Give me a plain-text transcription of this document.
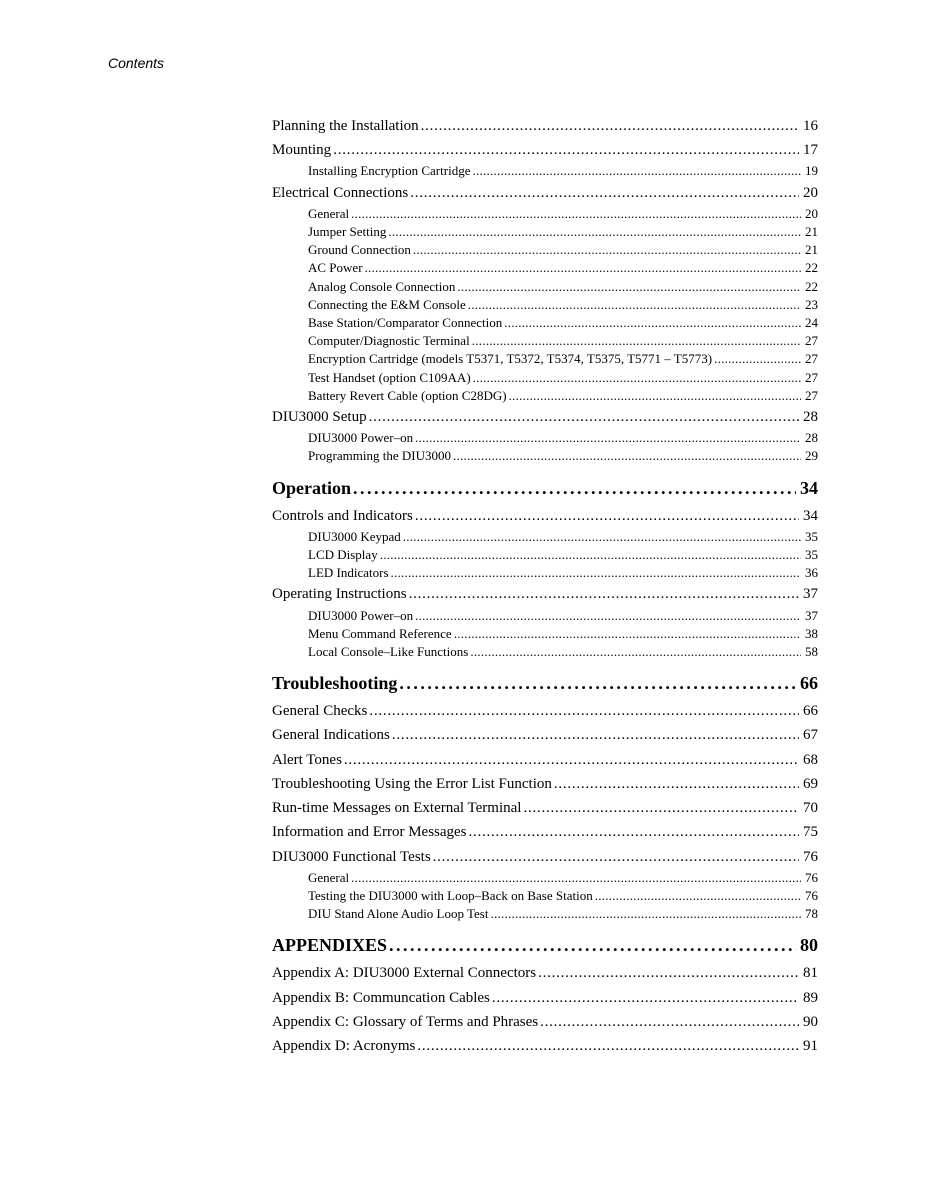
Contents
Planning the Installation . . .	16
Mounting . . .	17
Installing Encryption Cartridge . . .	19
Electrical Connections . . .	20
General . . .	20
Jumper Setting . . .	21
Ground Connection . . .	21
AC Power . . .	22
Analog Console Connection . . .	22
Connecting the E&M Console . . .	23
Base Station/Comparator Connection . . .	24
Computer/Diagnostic Terminal . . .	27
Encryption Cartridge (models T5371, T5372, T5374, T5375, T5771 – T5773) . . .	27
Test Handset (option C109AA) . . .	27
Battery Revert Cable (option C28DG) . . .	27
DIU3000 Setup . . .	28
DIU3000 Power–on . . .	28
Programming the DIU3000 . . .	29
Operation . . .	34
Controls and Indicators . . .	34
DIU3000 Keypad . . .	35
LCD Display . . .	35
LED Indicators . . .	36
Operating Instructions . . .	37
DIU3000 Power–on . . .	37
Menu Command Reference . . .	38
Local Console–Like Functions . . .	58
Troubleshooting . . .	66
General Checks . . .	66
General Indications . . .	67
Alert Tones . . .	68
Troubleshooting Using the Error List Function . . .	69
Run-time Messages on External Terminal . . .	70
Information and Error Messages . . .	75
DIU3000 Functional Tests . . .	76
General . . .	76
Testing the DIU3000 with Loop–Back on Base Station . . .	76
DIU Stand Alone Audio Loop Test . . .	78
APPENDIXES . . .	80
Appendix A: DIU3000 External Connectors . . .	81
Appendix B: Communcation Cables . . .	89
Appendix C: Glossary of Terms and Phrases . . .	90
Appendix D: Acronyms . . .	91
